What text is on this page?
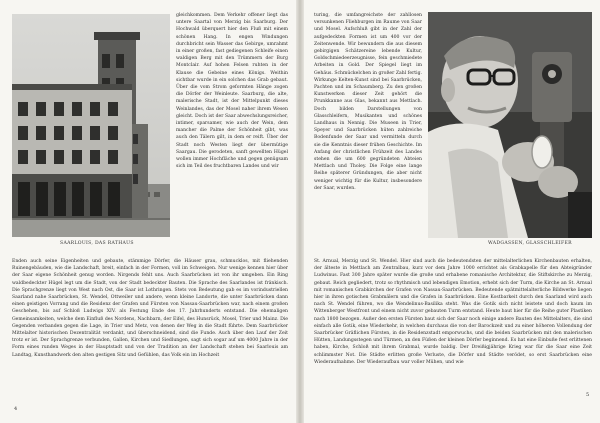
SAARLOUIS, DAS RATHAUS

gleichkommen. Dem Verkehr offener liegt das untere Saartal von Merzig bis Saarburg. Der Hochwald überquert hier den Fluß mit einem schönen Hang. In engen Windungen durchbricht sein Wasser das Gebirge, umrahmt in einer großen, fast gediegenen Schleife einen waldigen Berg mit den Trümmern der Burg Montclair. Auf hohen Felsen ruhten in der Klause die Gebeine eines Königs. Weithin sichtbar wurde in ein solchen das Grab gebaut. Über die vom Strom geformten Hänge zogen die Dörfer der Weinleute. Saarburg, die alte, malerische Stadt, ist der Mittelpunkt dieses Weinlandes, das der Mosel naher ihrem Wesen gleicht. Doch ist der Saar abwechslungsreicher, intimer, sparsamer, wie auch der Wein, dem mancher die Palme der Schönheit gibt, was auch den Tälern gilt, in dem er reift. Über der Stadt noch Westen liegt der übermütige Saargau. Die gerodeten, sanft gewellten Hügel wollen immer Hochfläche und gegen genügsam sich im Teil des fruchtbaren Landes und wir

Enden auch seine Eigenheiten und gebaute, stämmige Dörfer, die Häuser grau, schmucklos, mit fliehenden Ruinengebäuden, wie die Landschaft, breit, einfach in der Formen, voll im Schweigen. Nur wenige kennen hier über der Saar eigene Schönheit genug worden. Nirgends fehlt uns. Auch Saarbrücken ist von ihr umgeben. Ein Ring waldbedeckter Hügel legt um die Stadt, von der Stadt bedeckter Bauten. Die Sprache des Saarlandes ist fränkisch. Die Sprachgrenze liegt von West nach Ost, die Saar ist Lothringen. Stets von Bedeutung gab es im vorindustriellen Saarland nahe Saarbrücken, St. Wendel, Ottweiler und andere, wenn kleine Landorte, die unter Saarbrücken dann einen geistigen Vorrang und die Residenz der Grafen und Fürsten von Nassau-Saarbrücken war, nach einem großen Geschehen, bis auf Schloß Ludwigs XIV. als Festung Ende des 17. Jahrhunderts entstand. Die ehemaligen Gemeinsamkeiten, welche dem Einfluß des Nordens, Nachbarn, der Eifel, des Hunsrück, Mosel, Trier und Mainz. Die Gegenden verbanden gegen die Lage, in Trier und Metz, von denen der Weg in die Stadt führte. Dem Saarbrücker Mittelalter historischen Dezentralität verdankt, und überschneidend, sind die Funde. Auch über den Lauf der Zeit trotz er ist. Der Sprachgrenze verbunden, Gallen, Kirchen und Siedlungen, sagt sich sogar auf um 4000 Jahre in der Form eines runden Weges in der Hauptstadt und von der Tradition an der Landschaft stehen bei Saarlouis am Landtag, Kunsthandwerk den alten gestigen Sitz und Gefühlen, das Volk ein im Hochzeit

4

turing, die umfangreichste der zahllosen versunkenen Fliehburgen im Raume von Saar und Mosel. Aufschluß gibt in der Zahl der aufgedeckten Formen ist um 400 vor der Zeitenwende. Wir bewundern die aus diesem gebirgigen Schätzereine lebende Kultur, Goldschmiedeerzeugnisse, fein geschmiedete Arbeiten in Gold. Der Spiegel liegt im Gehäus. Schmückelchen in großer Zahl fertig. Wirkunge Kelten-Kunst sind bei Saarbrücken, Pachten und im Schaumberg. Zu den großen Kunstwerken dieser Zeit gehört die Prunkkanne aus Glas, bekannt aus Mettlach. Doch bilden Darstellungen von Glasschleifern, Musikanten und schönes Landhaus in Nennig. Die Museen in Trier, Speyer und Saarbrücken hüten zahlreiche Bodenfunde der Saar und vermitteln durch sie die Kenntnis dieser frühen Geschichte. Im Anfang der christlichen Frühzeit des Landes stehen die um 600 gegründeten Abteien Mettlach und Tholey. Die Folge eine lange Reihe späterer Gründungen, die aber nicht weniger wichtig für die Kultur, insbesondere der Saar, wurden.

WADGASSEN, GLASSCHLEIFER

St. Arnual, Merzig und St. Wendel. Hier sind auch die bedeutendsten der mittelalterlichen Kirchenbauten erhalten, der älteste in Mettlach am Zentralbau, kurz vor dem Jahre 1000 errichtet als Grabkapelle für den Abteigründer Ludwinus. Fast 300 Jahre später wurde die große und erhabene romanische Architektur, die Stiftskirche zu Merzig, gebaut. Reich gegliedert, trotz so rhythmisch und lebendigen Emotion, erhebt sich der Turm, die Kirche an St. Arnual mit romanischen Grabkirchen der Grafen von Nassau-Saarbrücken. Bedeutende spätmittelalterliche Bildwerke liegen hier in ihren gotischen Grabmälern und die Grafen in Saarbrücken. Eine Kostbarkeit durch den Saarland wird auch nach St. Wendel führen, wo die Wendelinus-Basilika steht. Was die Gotik sich nicht leistete und doch kaum im Wittenberger Westfront und einem nicht zuvor gebauten Turm entstand. Heute baut hier für die Reihe guter Plastiken nach 1800 bezogen. Außer den ersten Fürsten baut sich der Saar noch einige andere Bauten des Mittelalters, die sind einfach alle Gotik, eine Wiederkehr, in welchen durchaus die von der Barockzeit und zu einer höheren Vollendung der Saarbrücker Gräflichen Fürsten, in die Residenzstadt emporwuchs, und die beiden Saarbrücken mit den malerischen Hütten, Landungsstegen und Türmen, an den Füßen der kleinen Dörfer beginnend. Es hat eine Einbuße fest erlittenen haben, Kirche, Schloß mit ihrem Grabmal, wurde baldig. Der Dreißigjährige Krieg war für die Saar eine Zeit schlimmster Not. Die Städte erlitten große Verluste, die Dörfer und Städte verödet, so erst Saarbrücken eine Wiederaufnahme. Der Wiederaufbau war voller Mühen, und wie

5
